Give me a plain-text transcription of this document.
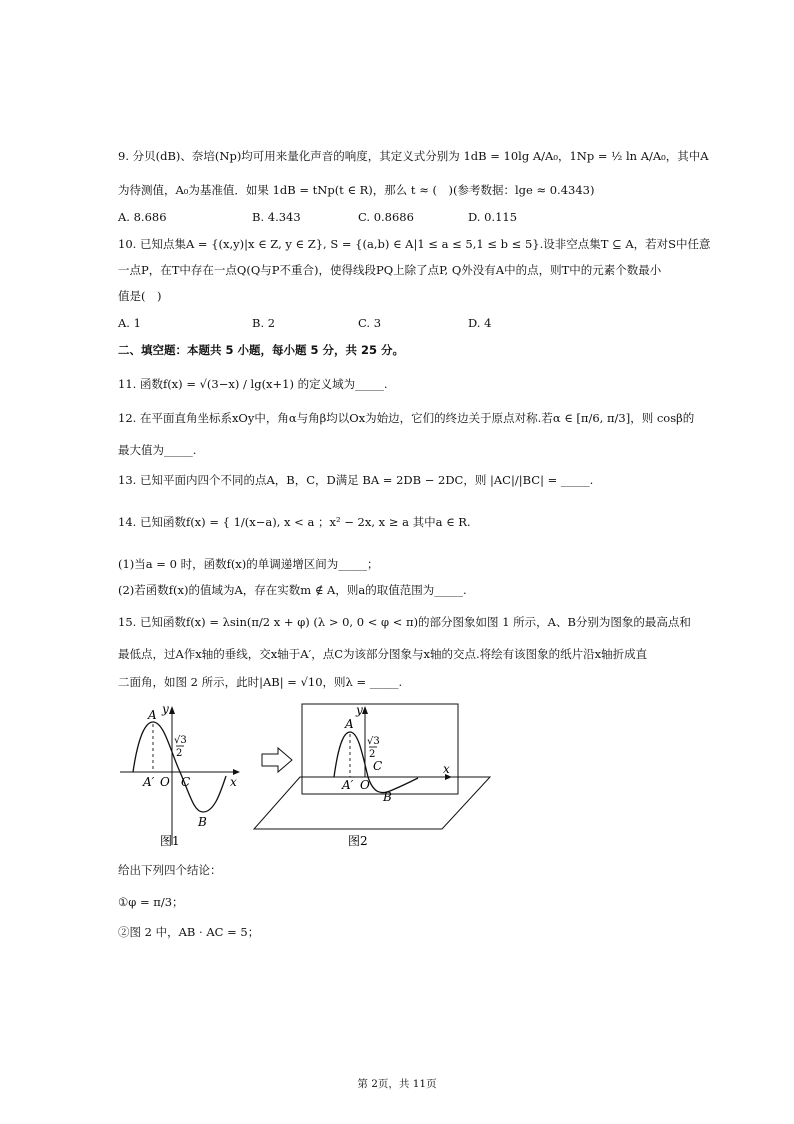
9. 分贝(dB)、奈培(Np)均可用来量化声音的响度，其定义式分别为 1dB = 10lg A/A₀，1Np = ½ ln A/A₀，其中A
为待测值，A₀为基准值．如果 1dB = tNp(t ∈ R)，那么 t ≈ (　)(参考数据：lge ≈ 0.4343)
A. 8.686	B. 4.343	C. 0.8686	D. 0.115
10. 已知点集A = {(x,y)|x ∈ Z, y ∈ Z}, S = {(a,b) ∈ A|1 ≤ a ≤ 5,1 ≤ b ≤ 5}.设非空点集T ⊆ A，若对S中任意
一点P，在T中存在一点Q(Q与P不重合)，使得线段PQ上除了点P, Q外没有A中的点，则T中的元素个数最小
值是(　)
A. 1	B. 2	C. 3	D. 4
二、填空题：本题共 5 小题，每小题 5 分，共 25 分。
11. 函数f(x) = √(3−x) / lg(x+1) 的定义域为_____.
12. 在平面直角坐标系xOy中，角α与角β均以Ox为始边，它们的终边关于原点对称.若α ∈ [π/6, π/3]，则 cosβ的
最大值为_____.
13. 已知平面内四个不同的点A，B，C，D满足 BA = 2DB − 2DC，则 |AC|/|BC| = _____.
14. 已知函数f(x) = { 1/(x−a), x < a ；x² − 2x, x ≥ a 其中a ∈ R.
(1)当a = 0 时，函数f(x)的单调递增区间为_____；
(2)若函数f(x)的值域为A，存在实数m ∉ A，则a的取值范围为_____.
15. 已知函数f(x) = λsin(π/2 x + φ) (λ > 0, 0 < φ < π)的部分图象如图 1 所示，A、B分别为图象的最高点和
最低点，过A作x轴的垂线，交x轴于A′，点C为该部分图象与x轴的交点.将绘有该图象的纸片沿x轴折成直
二面角，如图 2 所示，此时|AB| = √10，则λ = _____.
A y
√3
2
A′ O C	x
B
图1
A
y
√3
2
C
A′ O
B
x
图2
给出下列四个结论：
①φ = π/3；
②图 2 中，AB · AC = 5；
第 2页，共 11页
